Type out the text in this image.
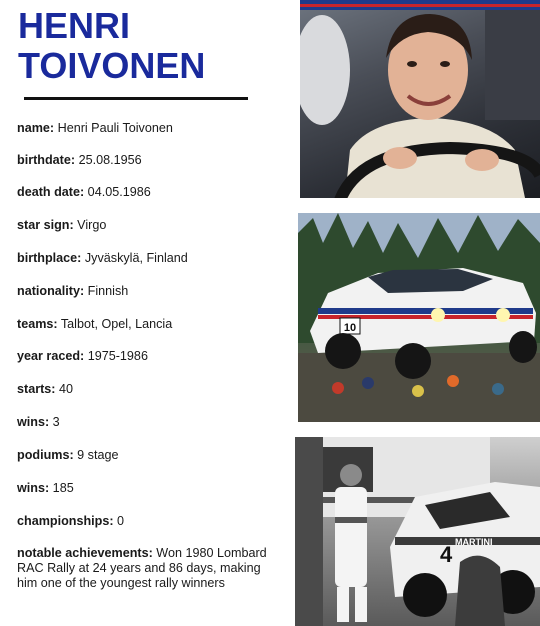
HENRI
TOIVONEN
name: Henri Pauli Toivonen
birthdate: 25.08.1956
death date: 04.05.1986
star sign: Virgo
birthplace: Jyväskylä, Finland
nationality: Finnish
teams: Talbot, Opel, Lancia
year raced: 1975-1986
starts: 40
wins: 3
podiums: 9 stage
wins: 185
championships: 0
notable achievements: Won 1980 Lombard RAC Rally at 24 years and 86 days, making him one of the youngest rally winners
10
4 MARTINI
